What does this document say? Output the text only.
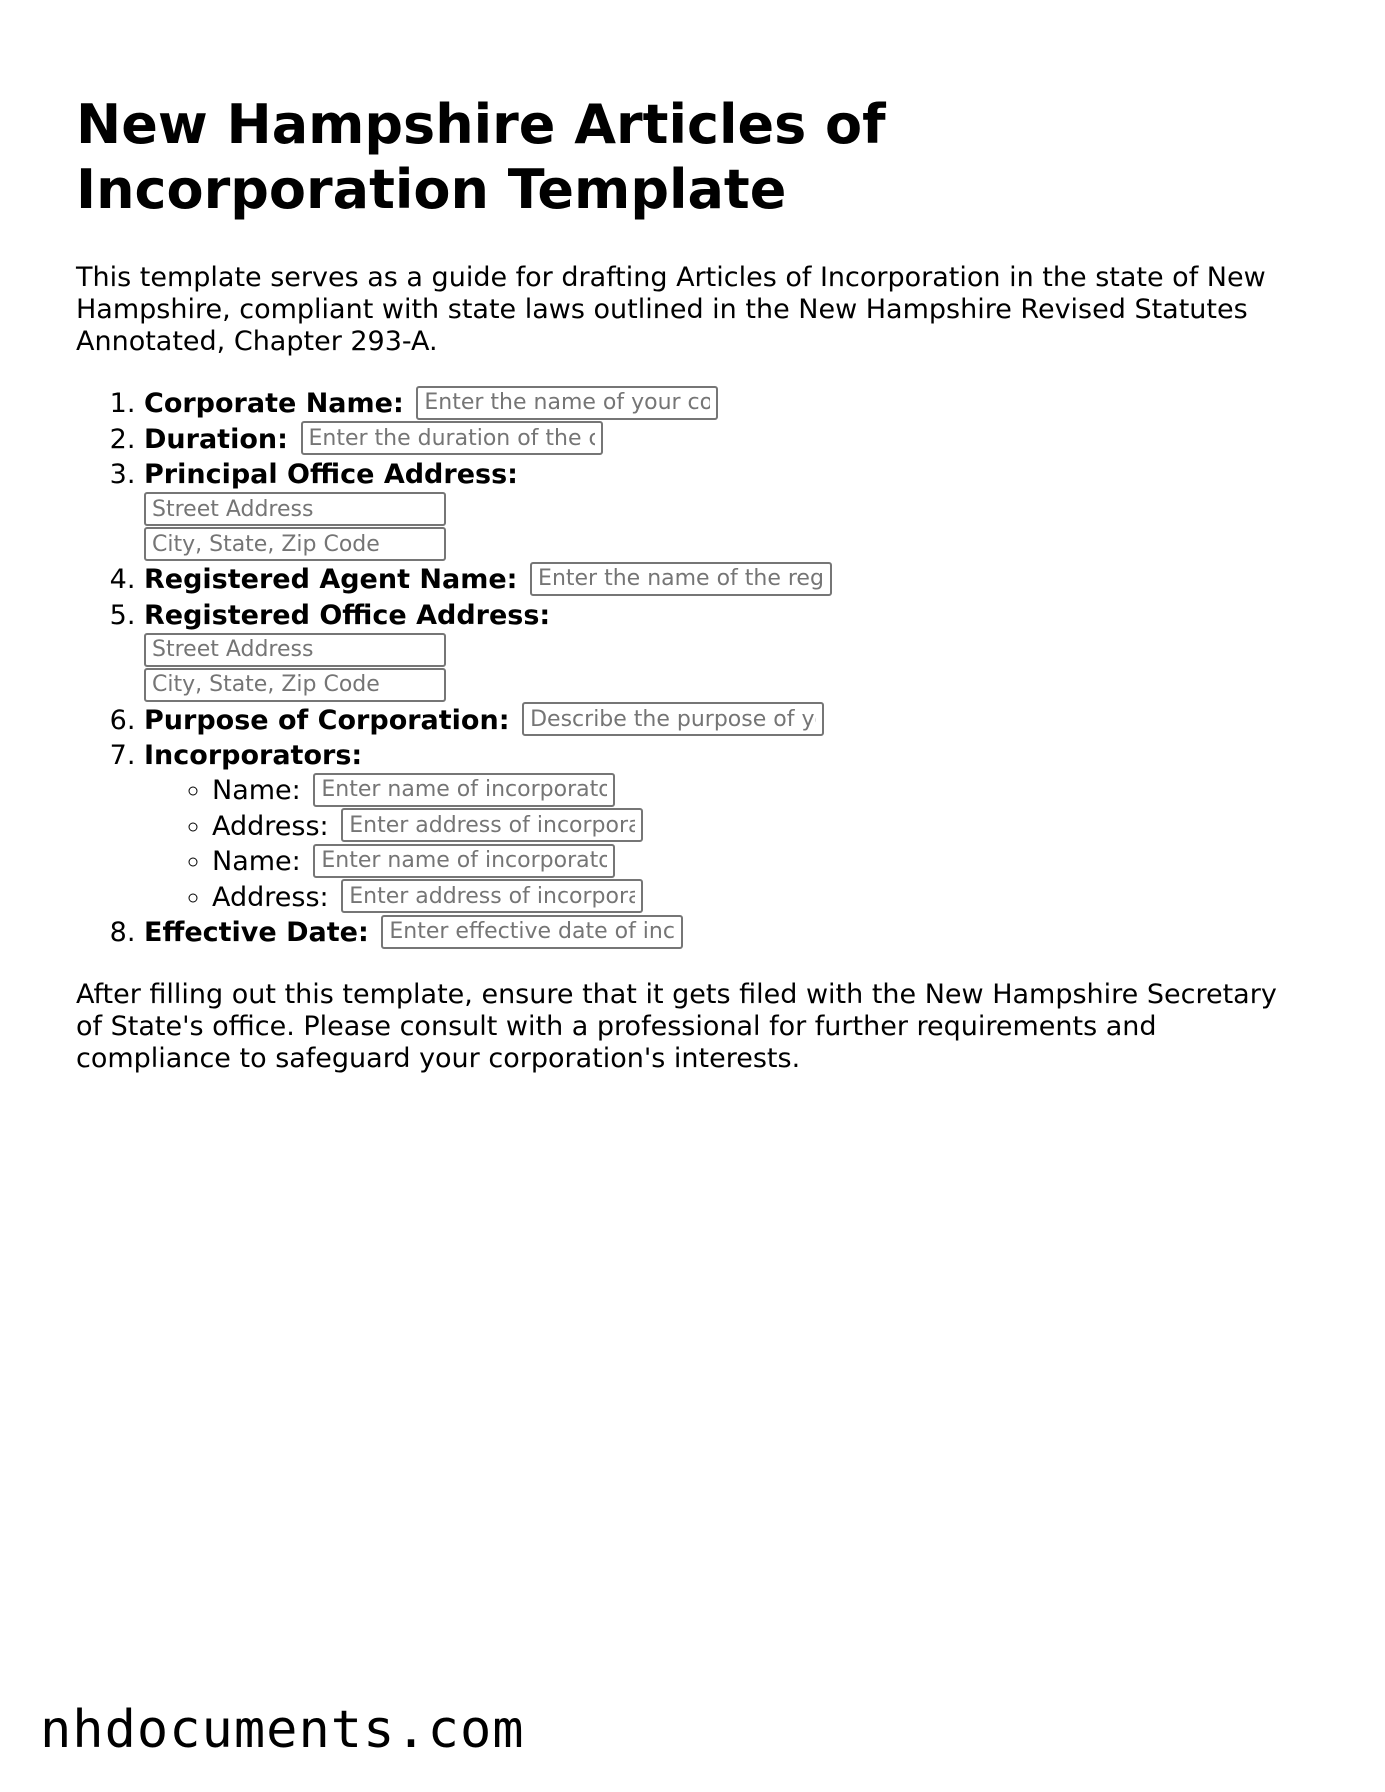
New Hampshire Articles of Incorporation Template

This template serves as a guide for drafting Articles of Incorporation in the state of New Hampshire, compliant with state laws outlined in the New Hampshire Revised Statutes Annotated, Chapter 293-A.

1. Corporate Name: Enter the name of your corporation
2. Duration: Enter the duration of the corporation
3. Principal Office Address:
Street Address
City, State, Zip Code
4. Registered Agent Name: Enter the name of the registered agent
5. Registered Office Address:
Street Address
City, State, Zip Code
6. Purpose of Corporation: Describe the purpose of your corporation
7. Incorporators:
◦ Name: Enter name of incorporator
◦ Address: Enter address of incorporator
◦ Name: Enter name of incorporator
◦ Address: Enter address of incorporator
8. Effective Date: Enter effective date of incorporation

After filling out this template, ensure that it gets filed with the New Hampshire Secretary of State's office. Please consult with a professional for further requirements and compliance to safeguard your corporation's interests.

nhdocuments.com
